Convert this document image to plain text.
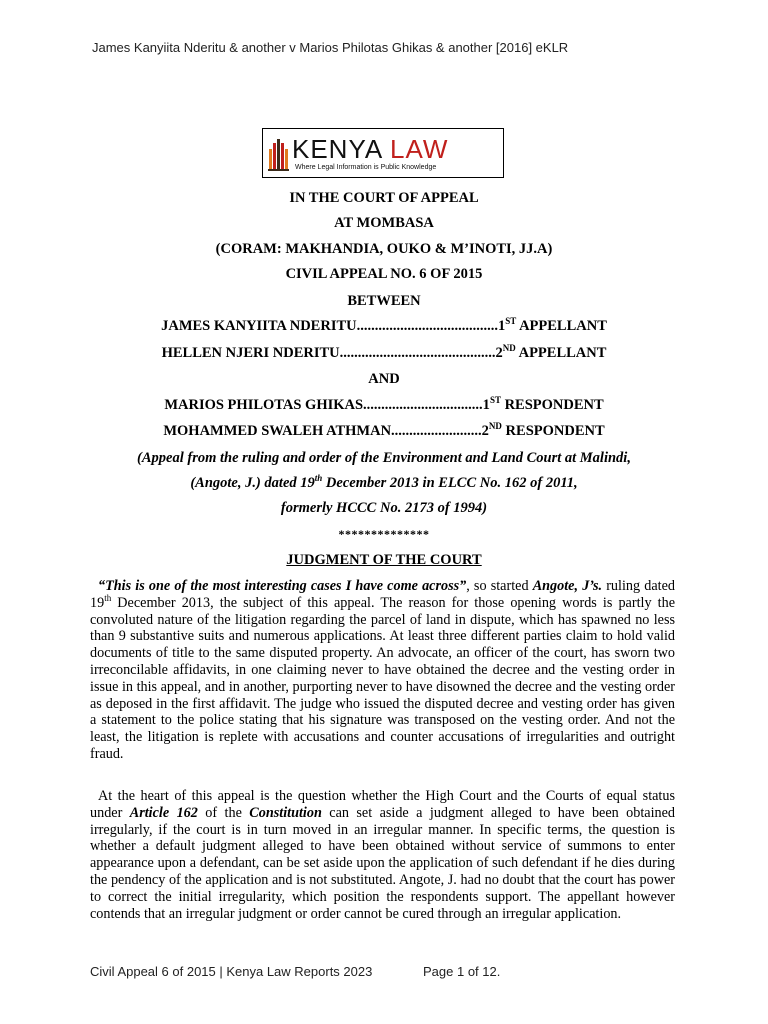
James Kanyiita Nderitu & another v Marios Philotas Ghikas & another [2016] eKLR
KENYA LAW
Where Legal Information is Public Knowledge
IN THE COURT OF APPEAL
AT MOMBASA
(CORAM: MAKHANDIA, OUKO & M’INOTI, JJ.A)
CIVIL APPEAL NO. 6 OF 2015
BETWEEN
JAMES KANYIITA NDERITU.......................................1ST APPELLANT
HELLEN NJERI NDERITU...........................................2ND APPELLANT
AND
MARIOS PHILOTAS GHIKAS.................................1ST RESPONDENT
MOHAMMED SWALEH ATHMAN.........................2ND RESPONDENT
(Appeal from the ruling and order of the Environment and Land Court at Malindi,
(Angote, J.) dated 19th December 2013 in ELCC No. 162 of 2011,
formerly HCCC No. 2173 of 1994)
**************
JUDGMENT OF THE COURT

“This is one of the most interesting cases I have come across”, so started Angote, J’s. ruling dated 19th December 2013, the subject of this appeal. The reason for those opening words is partly the convoluted nature of the litigation regarding the parcel of land in dispute, which has spawned no less than 9 substantive suits and numerous applications. At least three different parties claim to hold valid documents of title to the same disputed property. An advocate, an officer of the court, has sworn two irreconcilable affidavits, in one claiming never to have obtained the decree and the vesting order in issue in this appeal, and in another, purporting never to have disowned the decree and the vesting order as deposed in the first affidavit. The judge who issued the disputed decree and vesting order has given a statement to the police stating that his signature was transposed on the vesting order. And not the least, the litigation is replete with accusations and counter accusations of irregularities and outright fraud.

At the heart of this appeal is the question whether the High Court and the Courts of equal status under Article 162 of the Constitution can set aside a judgment alleged to have been obtained irregularly, if the court is in turn moved in an irregular manner. In specific terms, the question is whether a default judgment alleged to have been obtained without service of summons to enter appearance upon a defendant, can be set aside upon the application of such defendant if he dies during the pendency of the application and is not substituted. Angote, J. had no doubt that the court has power to correct the initial irregularity, which position the respondents support. The appellant however contends that an irregular judgment or order cannot be cured through an irregular application.

Civil Appeal 6 of 2015 | Kenya Law Reports 2023	Page 1 of 12.
